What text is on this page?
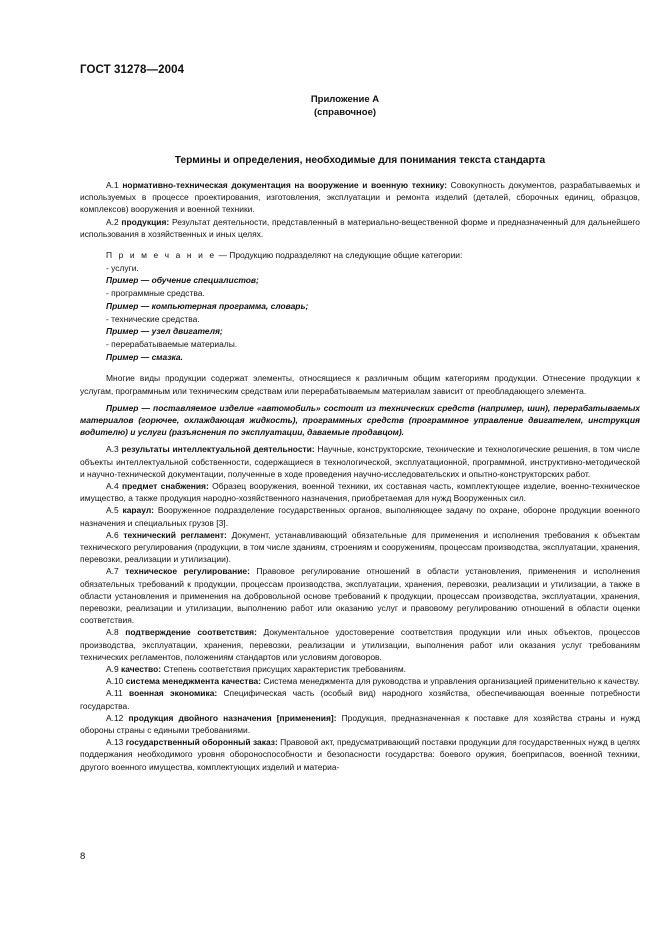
ГОСТ 31278—2004
Приложение А
(справочное)
Термины и определения, необходимые для понимания текста стандарта

А.1 нормативно-техническая документация на вооружение и военную технику: Совокупность документов, разрабатываемых и используемых в процессе проектирования, изготовления, эксплуатации и ремонта изделий (деталей, сборочных единиц, образцов, комплексов) вооружения и военной техники.

А.2 продукция: Результат деятельности, представленный в материально-вещественной форме и предназначенный для дальнейшего использования в хозяйственных и иных целях.

П р и м е ч а н и е — Продукцию подразделяют на следующие общие категории:
- услуги.
Пример — обучение специалистов;
- программные средства.
Пример — компьютерная программа, словарь;
- технические средства.
Пример — узел двигателя;
- перерабатываемые материалы.
Пример — смазка.

Многие виды продукции содержат элементы, относящиеся к различным общим категориям продукции. Отнесение продукции к услугам, программным или техническим средствам или перерабатываемым материалам зависит от преобладающего элемента.

Пример — поставляемое изделие «автомобиль» состоит из технических средств (например, шин), перерабатываемых материалов (горючее, охлаждающая жидкость), программных средств (программное управление двигателем, инструкция водителю) и услуги (разъяснения по эксплуатации, даваемые продавцом).

А.3 результаты интеллектуальной деятельности: Научные, конструкторские, технические и технологические решения, в том числе объекты интеллектуальной собственности, содержащиеся в технологической, эксплуатационной, программной, инструктивно-методической и научно-технической документации, полученные в ходе проведения научно-исследовательских и опытно-конструкторских работ.

А.4 предмет снабжения: Образец вооружения, военной техники, их составная часть, комплектующее изделие, военно-техническое имущество, а также продукция народно-хозяйственного назначения, приобретаемая для нужд Вооруженных сил.

А.5 караул: Вооруженное подразделение государственных органов, выполняющее задачу по охране, обороне продукции военного назначения и специальных грузов [3].

А.6 технический регламент: Документ, устанавливающий обязательные для применения и исполнения требования к объектам технического регулирования (продукции, в том числе зданиям, строениям и сооружениям, процессам производства, эксплуатации, хранения, перевозки, реализации и утилизации).

А.7 техническое регулирование: Правовое регулирование отношений в области установления, применения и исполнения обязательных требований к продукции, процессам производства, эксплуатации, хранения, перевозки, реализации и утилизации, а также в области установления и применения на добровольной основе требований к продукции, процессам производства, эксплуатации, хранения, перевозки, реализации и утилизации, выполнению работ или оказанию услуг и правовому регулированию отношений в области оценки соответствия.

А.8 подтверждение соответствия: Документальное удостоверение соответствия продукции или иных объектов, процессов производства, эксплуатации, хранения, перевозки, реализации и утилизации, выполнения работ или оказания услуг требованиям технических регламентов, положениям стандартов или условиям договоров.

А.9 качество: Степень соответствия присущих характеристик требованиям.

А.10 система менеджмента качества: Система менеджмента для руководства и управления организацией применительно к качеству.

А.11 военная экономика: Специфическая часть (особый вид) народного хозяйства, обеспечивающая военные потребности государства.

А.12 продукция двойного назначения [применения]: Продукция, предназначенная к поставке для хозяйства страны и нужд обороны страны с едиными требованиями.

А.13 государственный оборонный заказ: Правовой акт, предусматривающий поставки продукции для государственных нужд в целях поддержания необходимого уровня обороноспособности и безопасности государства: боевого оружия, боеприпасов, военной техники, другого военного имущества, комплектующих изделий и материа-

8
